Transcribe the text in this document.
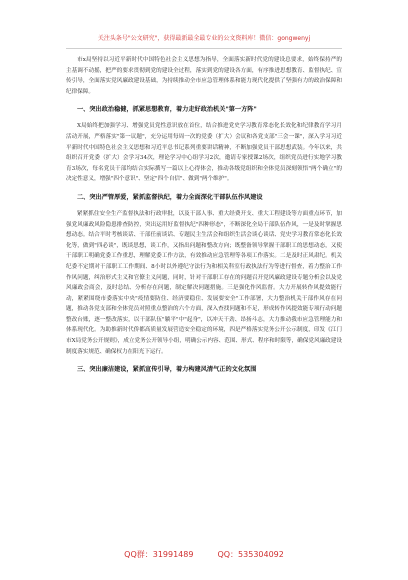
关注头条号"公文研究"，获得最新最全最专业的公文资料库！微信：gongwenyj

市x局坚持以习近平新时代中国特色社会主义思想为指导，全面落实新时代党的建设总要求，始终保持严的主基调不动摇，把严的要求贯彻到党的建设全过程，落实到党的建设各方面，有序推进思想教育、监督执纪、宣传引导，全面落实党风廉政建设基础，为持续推动全市应急管理体系和能力现代化提供了坚强有力的政治保障和纪律保障。

一、突出政治稳健，抓紧思想教育，着力走好政治机关"第一方阵"

X局始终把加强学习、增强党员党性意识放在首位，结合推进党史学习教育常态化长效化和纪律教育学习月活动开展，严格落实"第一议题"，充分运用每周一次的党委（扩大）会议和各党支部"三会一课"，深入学习习近平新时代中国特色社会主义思想和习近平总书记系列重要讲话精神，不断加强党员干部思想武装。今年以来，共组织召开党委（扩大）会学习34次，理论学习中心组学习2次，邀请专家授课2场次，组织党员进行实地学习教育3场次，每名党员干部均结合实际撰写一篇以上心得体会，推动各级党组织和全体党员深刻领悟"两个确立"的决定性意义，增强"四个意识"、坚定"四个自信"、做到"两个维护"。

二、突出严管厚爱，紧抓监督执纪，着力全面深化干部队伍作风建设

紧紧抓住安全生产监督执法和行政审批，以及干部人事、重大经费开支、重大工程建设等方面重点环节，加强党风廉政风险隐患排查防控，突出运用好监督执纪"四种形态"，不断深化全局干部队伍作风，一是及时掌握思想动态。结合平时考核谈话、干部任前谈话、专题民主生活会和组织生活会谈心谈话、党史学习教育常态化长效化等，做到"四必谈"，既谈思想，谈工作，又指出问题和整改方向；既整备领导掌握干部职工的思想动态，又使干部职工明确党委工作重思，理解党委工作方法，有效推动应急管理等各项工作落实。二是及时正风肃纪。机关纪委不定期对干部职工工作期间、8小时以外遵纪守法行为和相关科室行政执法行为等进行督查，着力整治工作作风问题，纠治形式主义和官僚主义问题，同时，针对干部职工存在的问题召开党风廉政建设专题分析会以及党风廉政会商会，及时总结、分析存在问题，制定解决问题措施。三是强化作风监督。大力开展转作风提效能行动，紧紧围绕市委落实中央"疫情要防住、经济要稳住、发展要安全"工作部署，大力整治机关干部作风存在问题，推动各党支部和全体党员对照重点整治的六个方面，深入查找问题和不足，形成转作风提效能专项行动问题整改台账，逐一整改落实，以干部队伍"躺平"中"起身"，以冲天干劲、昂扬斗志，大力推动我市应急管理能力和体系现代化。为助推新时代侨都高质量发展营造安全稳定的环境，四是严格落实党务公开公示制度，印发《江门市X局党务公开规则》，成立党务公开领导小组，明确公示内容、范围、形式、程序和时限等，确保党风廉政建设制度落实规范、确保权力在阳光下运行。

三、突出廉洁建设，紧抓宣传引导，着力构建风清气正的文化氛围

QQ群：31991489	QQ：535304092
